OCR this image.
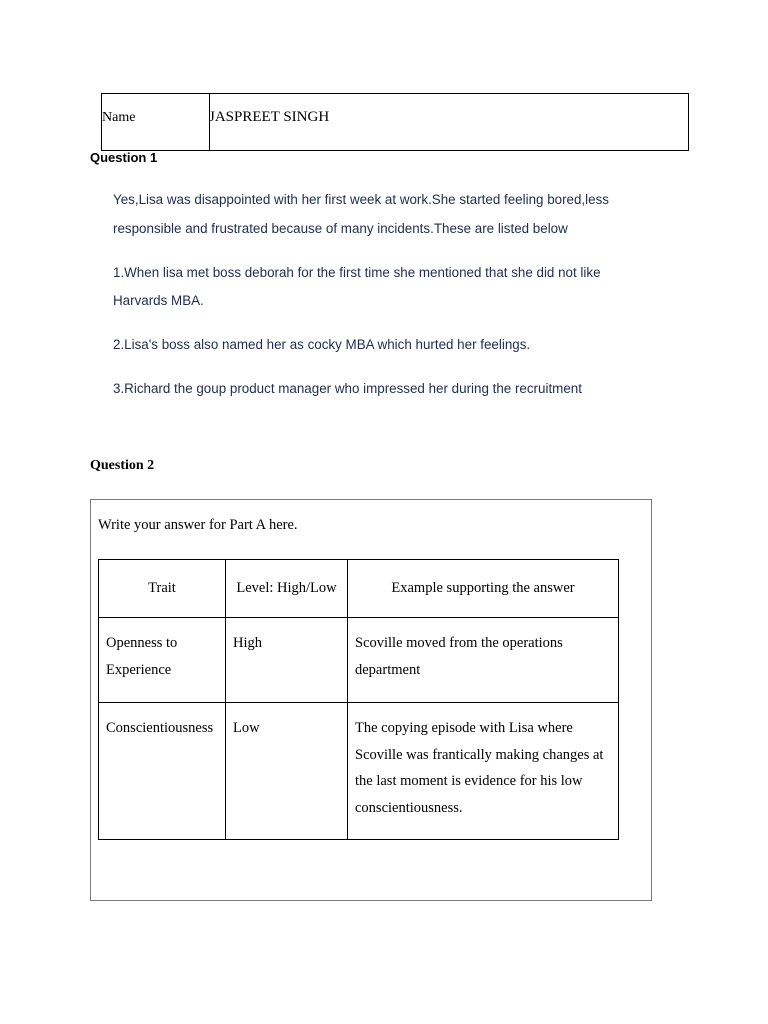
Name	JASPREET SINGH
Question 1

Yes,Lisa was disappointed with her first week at work.She started feeling bored,less responsible and frustrated because of many incidents.These are listed below

1.When lisa met boss deborah for the first time she mentioned that she did not like Harvards MBA.

2.Lisa's boss also named her as cocky MBA which hurted her feelings.

3.Richard the goup product manager who impressed her during the recruitment

Question 2
Write your answer for Part A here.
Trait	Level: High/Low	Example supporting the answer

Openness to Experience	High	Scoville moved from the operations department

Conscientiousness	Low	The copying episode with Lisa where Scoville was frantically making changes at the last moment is evidence for his low conscientiousness.
